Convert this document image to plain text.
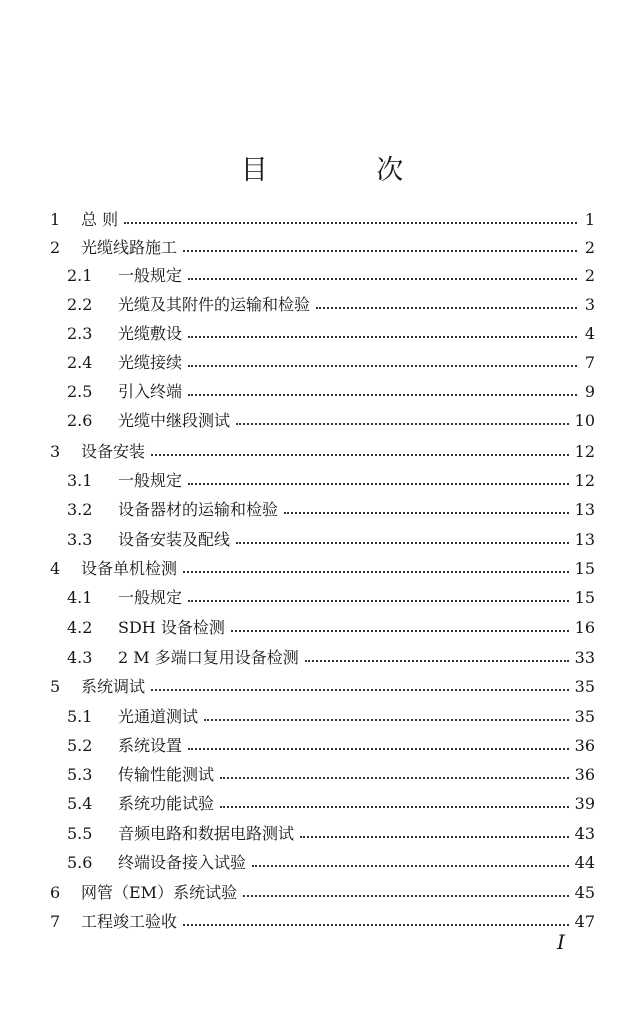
目 次
1	总 则	1
2	光缆线路施工	2
2.1	一般规定	2
2.2	光缆及其附件的运输和检验	3
2.3	光缆敷设	4
2.4	光缆接续	7
2.5	引入终端	9
2.6	光缆中继段测试	10
3	设备安装	12
3.1	一般规定	12
3.2	设备器材的运输和检验	13
3.3	设备安装及配线	13
4	设备单机检测	15
4.1	一般规定	15
4.2	SDH 设备检测	16
4.3	2 M 多端口复用设备检测	33
5	系统调试	35
5.1	光通道测试	35
5.2	系统设置	36
5.3	传输性能测试	36
5.4	系统功能试验	39
5.5	音频电路和数据电路测试	43
5.6	终端设备接入试验	44
6	网管（EM）系统试验	45
7	工程竣工验收	47
I
